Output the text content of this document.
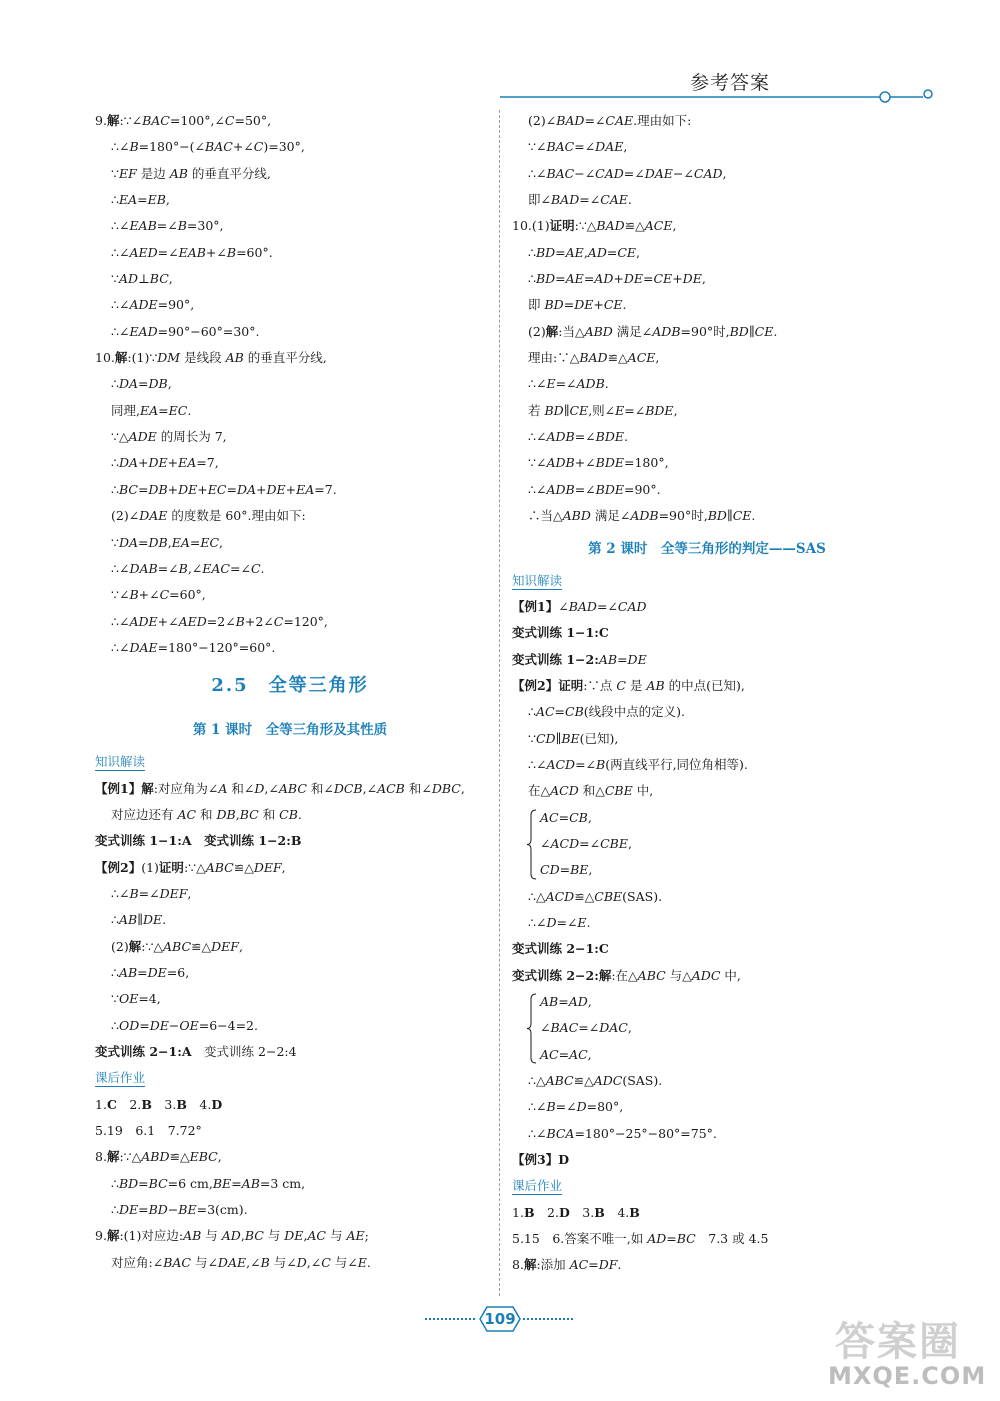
参考答案
9.解:∵∠BAC=100°,∠C=50°,
∴∠B=180°−(∠BAC+∠C)=30°,
∵EF 是边 AB 的垂直平分线,
∴EA=EB,
∴∠EAB=∠B=30°,
∴∠AED=∠EAB+∠B=60°.
∵AD⊥BC,
∴∠ADE=90°,
∴∠EAD=90°−60°=30°.
10.解:(1)∵DM 是线段 AB 的垂直平分线,
∴DA=DB,
同理,EA=EC.
∵△ADE 的周长为 7,
∴DA+DE+EA=7,
∴BC=DB+DE+EC=DA+DE+EA=7.
(2)∠DAE 的度数是 60°.理由如下:
∵DA=DB,EA=EC,
∴∠DAB=∠B,∠EAC=∠C.
∵∠B+∠C=60°,
∴∠ADE+∠AED=2∠B+2∠C=120°,
∴∠DAE=180°−120°=60°.
2.5　全等三角形
第 1 课时　全等三角形及其性质
知识解读
【例1】解:对应角为∠A 和∠D,∠ABC 和∠DCB,∠ACB 和∠DBC,
对应边还有 AC 和 DB,BC 和 CB.
变式训练 1−1:A　变式训练 1−2:B
【例2】(1)证明:∵△ABC≌△DEF,
∴∠B=∠DEF,
∴AB∥DE.
(2)解:∵△ABC≌△DEF,
∴AB=DE=6,
∵OE=4,
∴OD=DE−OE=6−4=2.
变式训练 2−1:A　变式训练 2−2:4
课后作业
1.C　2.B　3.B　4.D
5.19　6.1　7.72°
8.解:∵△ABD≌△EBC,
∴BD=BC=6 cm,BE=AB=3 cm,
∴DE=BD−BE=3(cm).
9.解:(1)对应边:AB 与 AD,BC 与 DE,AC 与 AE;
对应角:∠BAC 与∠DAE,∠B 与∠D,∠C 与∠E.
(2)∠BAD=∠CAE.理由如下:
∵∠BAC=∠DAE,
∴∠BAC−∠CAD=∠DAE−∠CAD,
即∠BAD=∠CAE.
10.(1)证明:∵△BAD≌△ACE,
∴BD=AE,AD=CE,
∴BD=AE=AD+DE=CE+DE,
即 BD=DE+CE.
(2)解:当△ABD 满足∠ADB=90°时,BD∥CE.
理由:∵△BAD≌△ACE,
∴∠E=∠ADB.
若 BD∥CE,则∠E=∠BDE,
∴∠ADB=∠BDE.
∵∠ADB+∠BDE=180°,
∴∠ADB=∠BDE=90°.
∴当△ABD 满足∠ADB=90°时,BD∥CE.
第 2 课时　全等三角形的判定——SAS
知识解读
【例1】∠BAD=∠CAD
变式训练 1−1:C
变式训练 1−2:AB=DE
【例2】证明:∵点 C 是 AB 的中点(已知),
∴AC=CB(线段中点的定义).
∵CD∥BE(已知),
∴∠ACD=∠B(两直线平行,同位角相等).
在△ACD 和△CBE 中,
AC=CB,
∠ACD=∠CBE,
CD=BE,
∴△ACD≌△CBE(SAS).
∴∠D=∠E.
变式训练 2−1:C
变式训练 2−2:解:在△ABC 与△ADC 中,
AB=AD,
∠BAC=∠DAC,
AC=AC,
∴△ABC≌△ADC(SAS).
∴∠B=∠D=80°,
∴∠BCA=180°−25°−80°=75°.
【例3】D
课后作业
1.B　2.D　3.B　4.B
5.15　6.答案不唯一,如 AD=BC　7.3 或 4.5
8.解:添加 AC=DF.
109	答案圈
MXQE.COM
